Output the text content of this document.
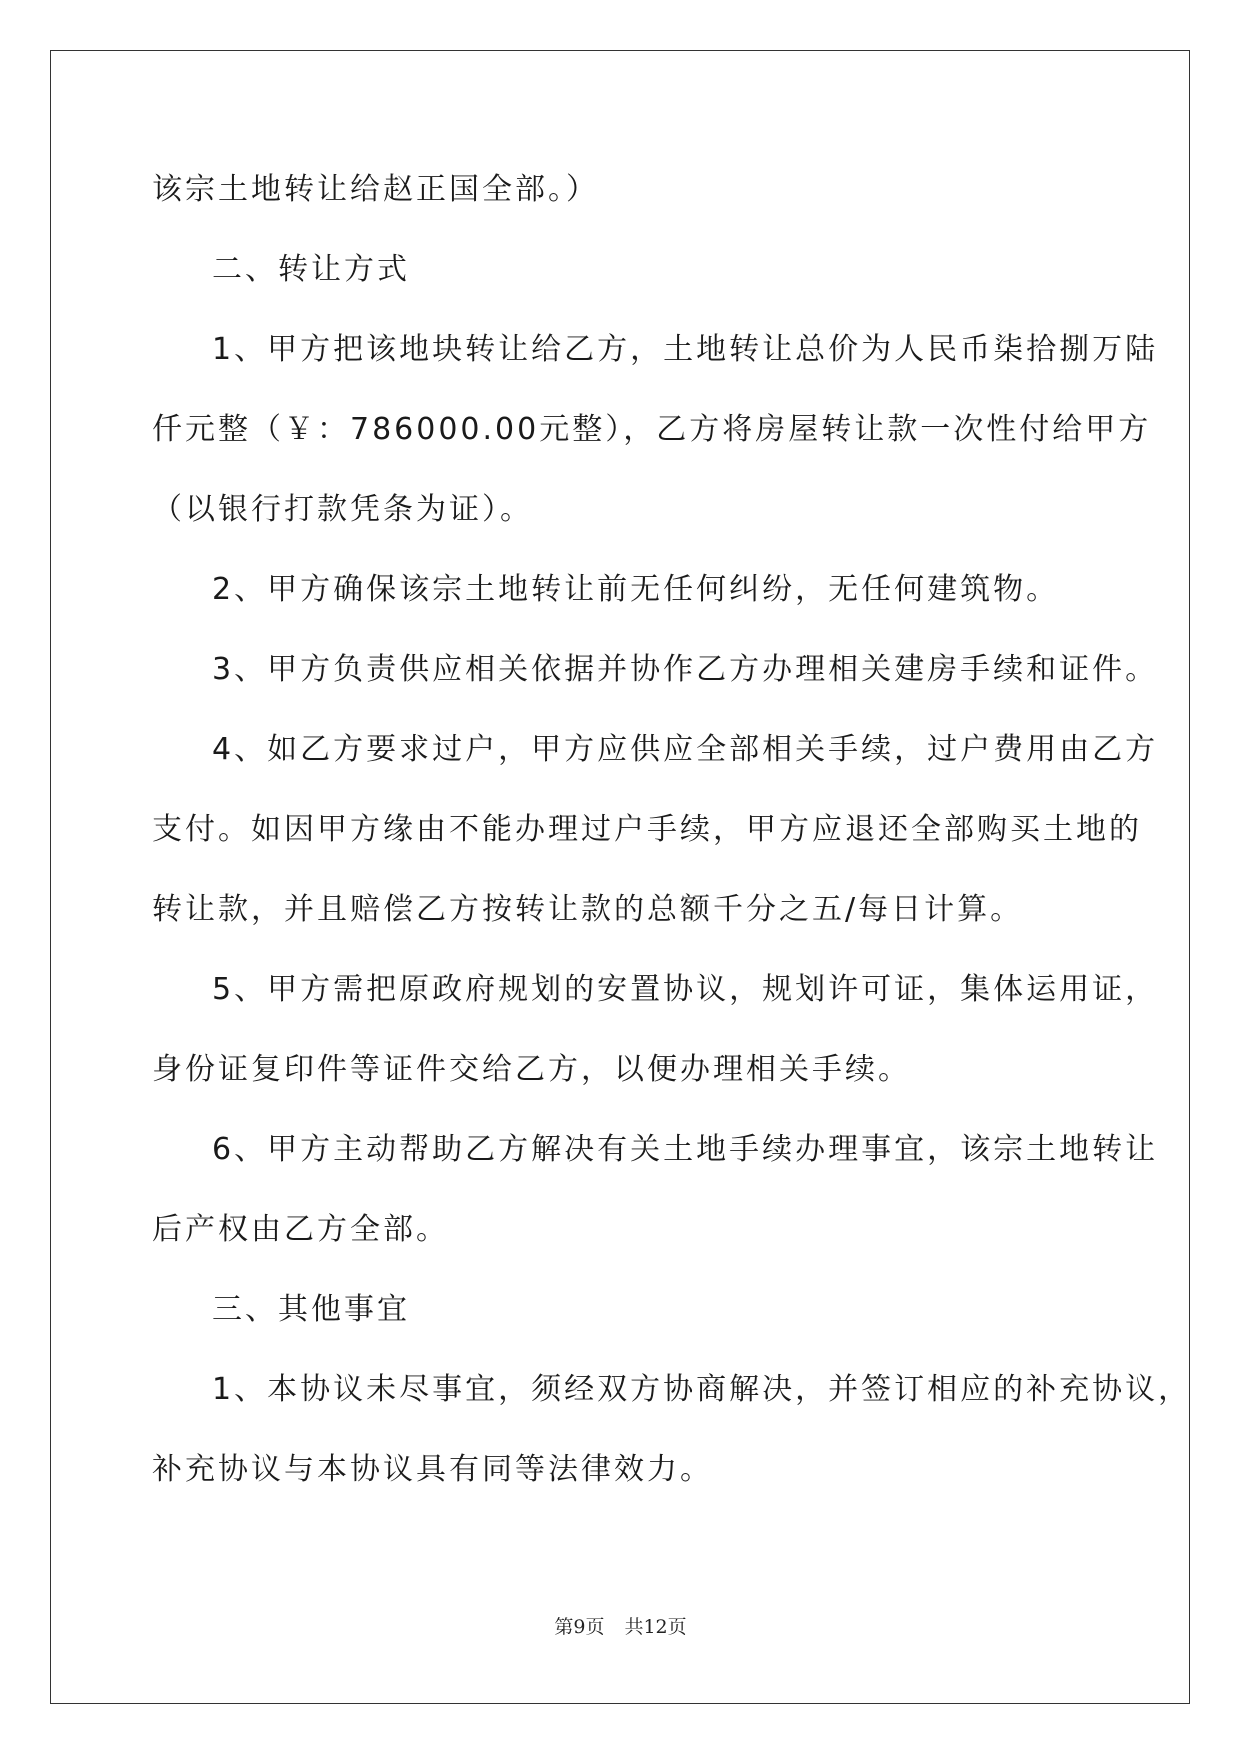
该宗土地转让给赵正国全部。）
二、转让方式
1、甲方把该地块转让给乙方，土地转让总价为人民币柒拾捌万陆
仟元整（￥：786000.00元整），乙方将房屋转让款一次性付给甲方
（以银行打款凭条为证）。
2、甲方确保该宗土地转让前无任何纠纷，无任何建筑物。
3、甲方负责供应相关依据并协作乙方办理相关建房手续和证件。
4、如乙方要求过户，甲方应供应全部相关手续，过户费用由乙方
支付。如因甲方缘由不能办理过户手续，甲方应退还全部购买土地的
转让款，并且赔偿乙方按转让款的总额千分之五/每日计算。
5、甲方需把原政府规划的安置协议，规划许可证，集体运用证，
身份证复印件等证件交给乙方，以便办理相关手续。
6、甲方主动帮助乙方解决有关土地手续办理事宜，该宗土地转让
后产权由乙方全部。
三、其他事宜
1、本协议未尽事宜，须经双方协商解决，并签订相应的补充协议，
补充协议与本协议具有同等法律效力。
第9页 共12页
